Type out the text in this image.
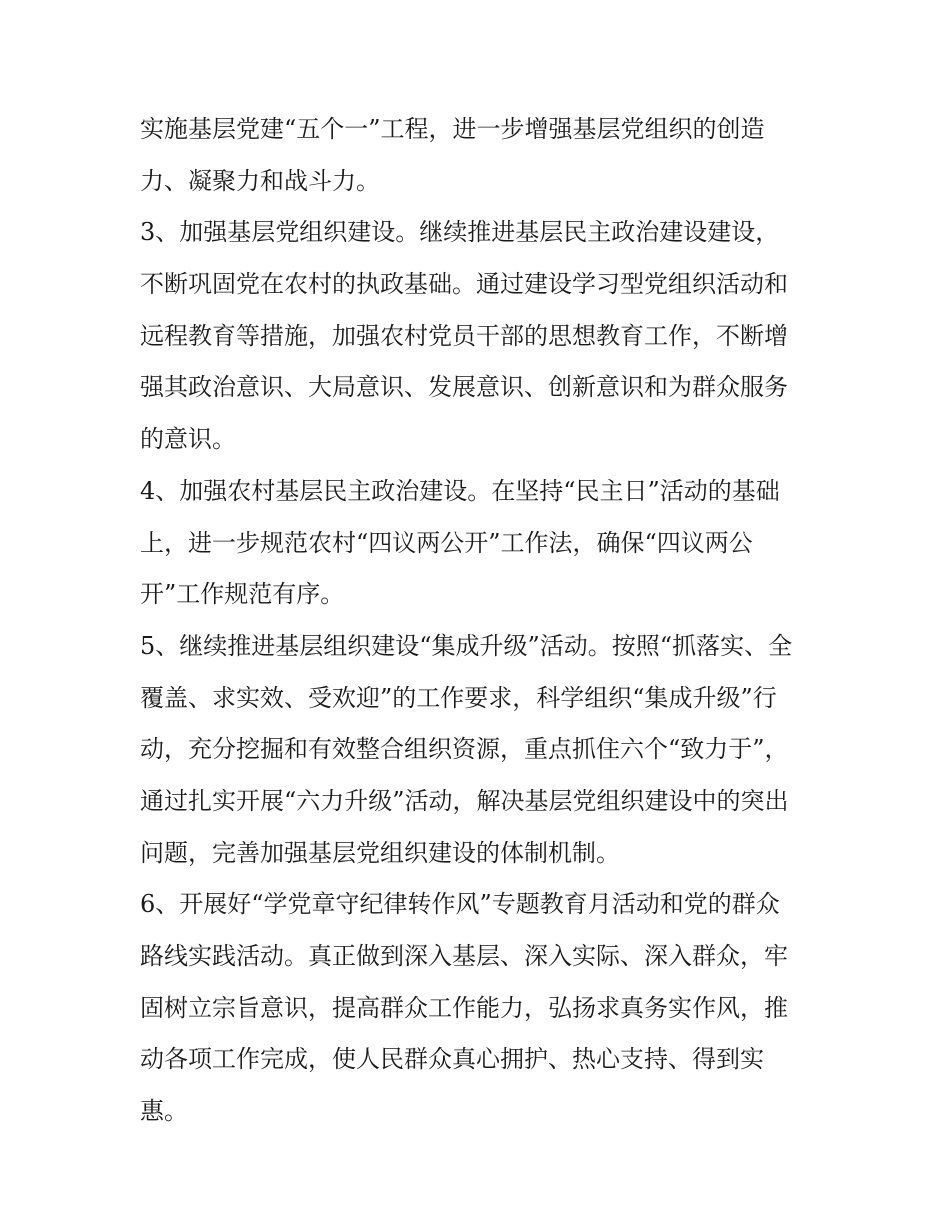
实施基层党建“五个一”工程，进一步增强基层党组织的创造
力、凝聚力和战斗力。
3、加强基层党组织建设。继续推进基层民主政治建设建设，
不断巩固党在农村的执政基础。通过建设学习型党组织活动和
远程教育等措施，加强农村党员干部的思想教育工作，不断增
强其政治意识、大局意识、发展意识、创新意识和为群众服务
的意识。
4、加强农村基层民主政治建设。在坚持“民主日”活动的基础
上，进一步规范农村“四议两公开”工作法，确保“四议两公
开”工作规范有序。
5、继续推进基层组织建设“集成升级”活动。按照“抓落实、全
覆盖、求实效、受欢迎”的工作要求，科学组织“集成升级”行
动，充分挖掘和有效整合组织资源，重点抓住六个“致力于”，
通过扎实开展“六力升级”活动，解决基层党组织建设中的突出
问题，完善加强基层党组织建设的体制机制。
6、开展好“学党章守纪律转作风”专题教育月活动和党的群众
路线实践活动。真正做到深入基层、深入实际、深入群众，牢
固树立宗旨意识，提高群众工作能力，弘扬求真务实作风，推
动各项工作完成，使人民群众真心拥护、热心支持、得到实
惠。
